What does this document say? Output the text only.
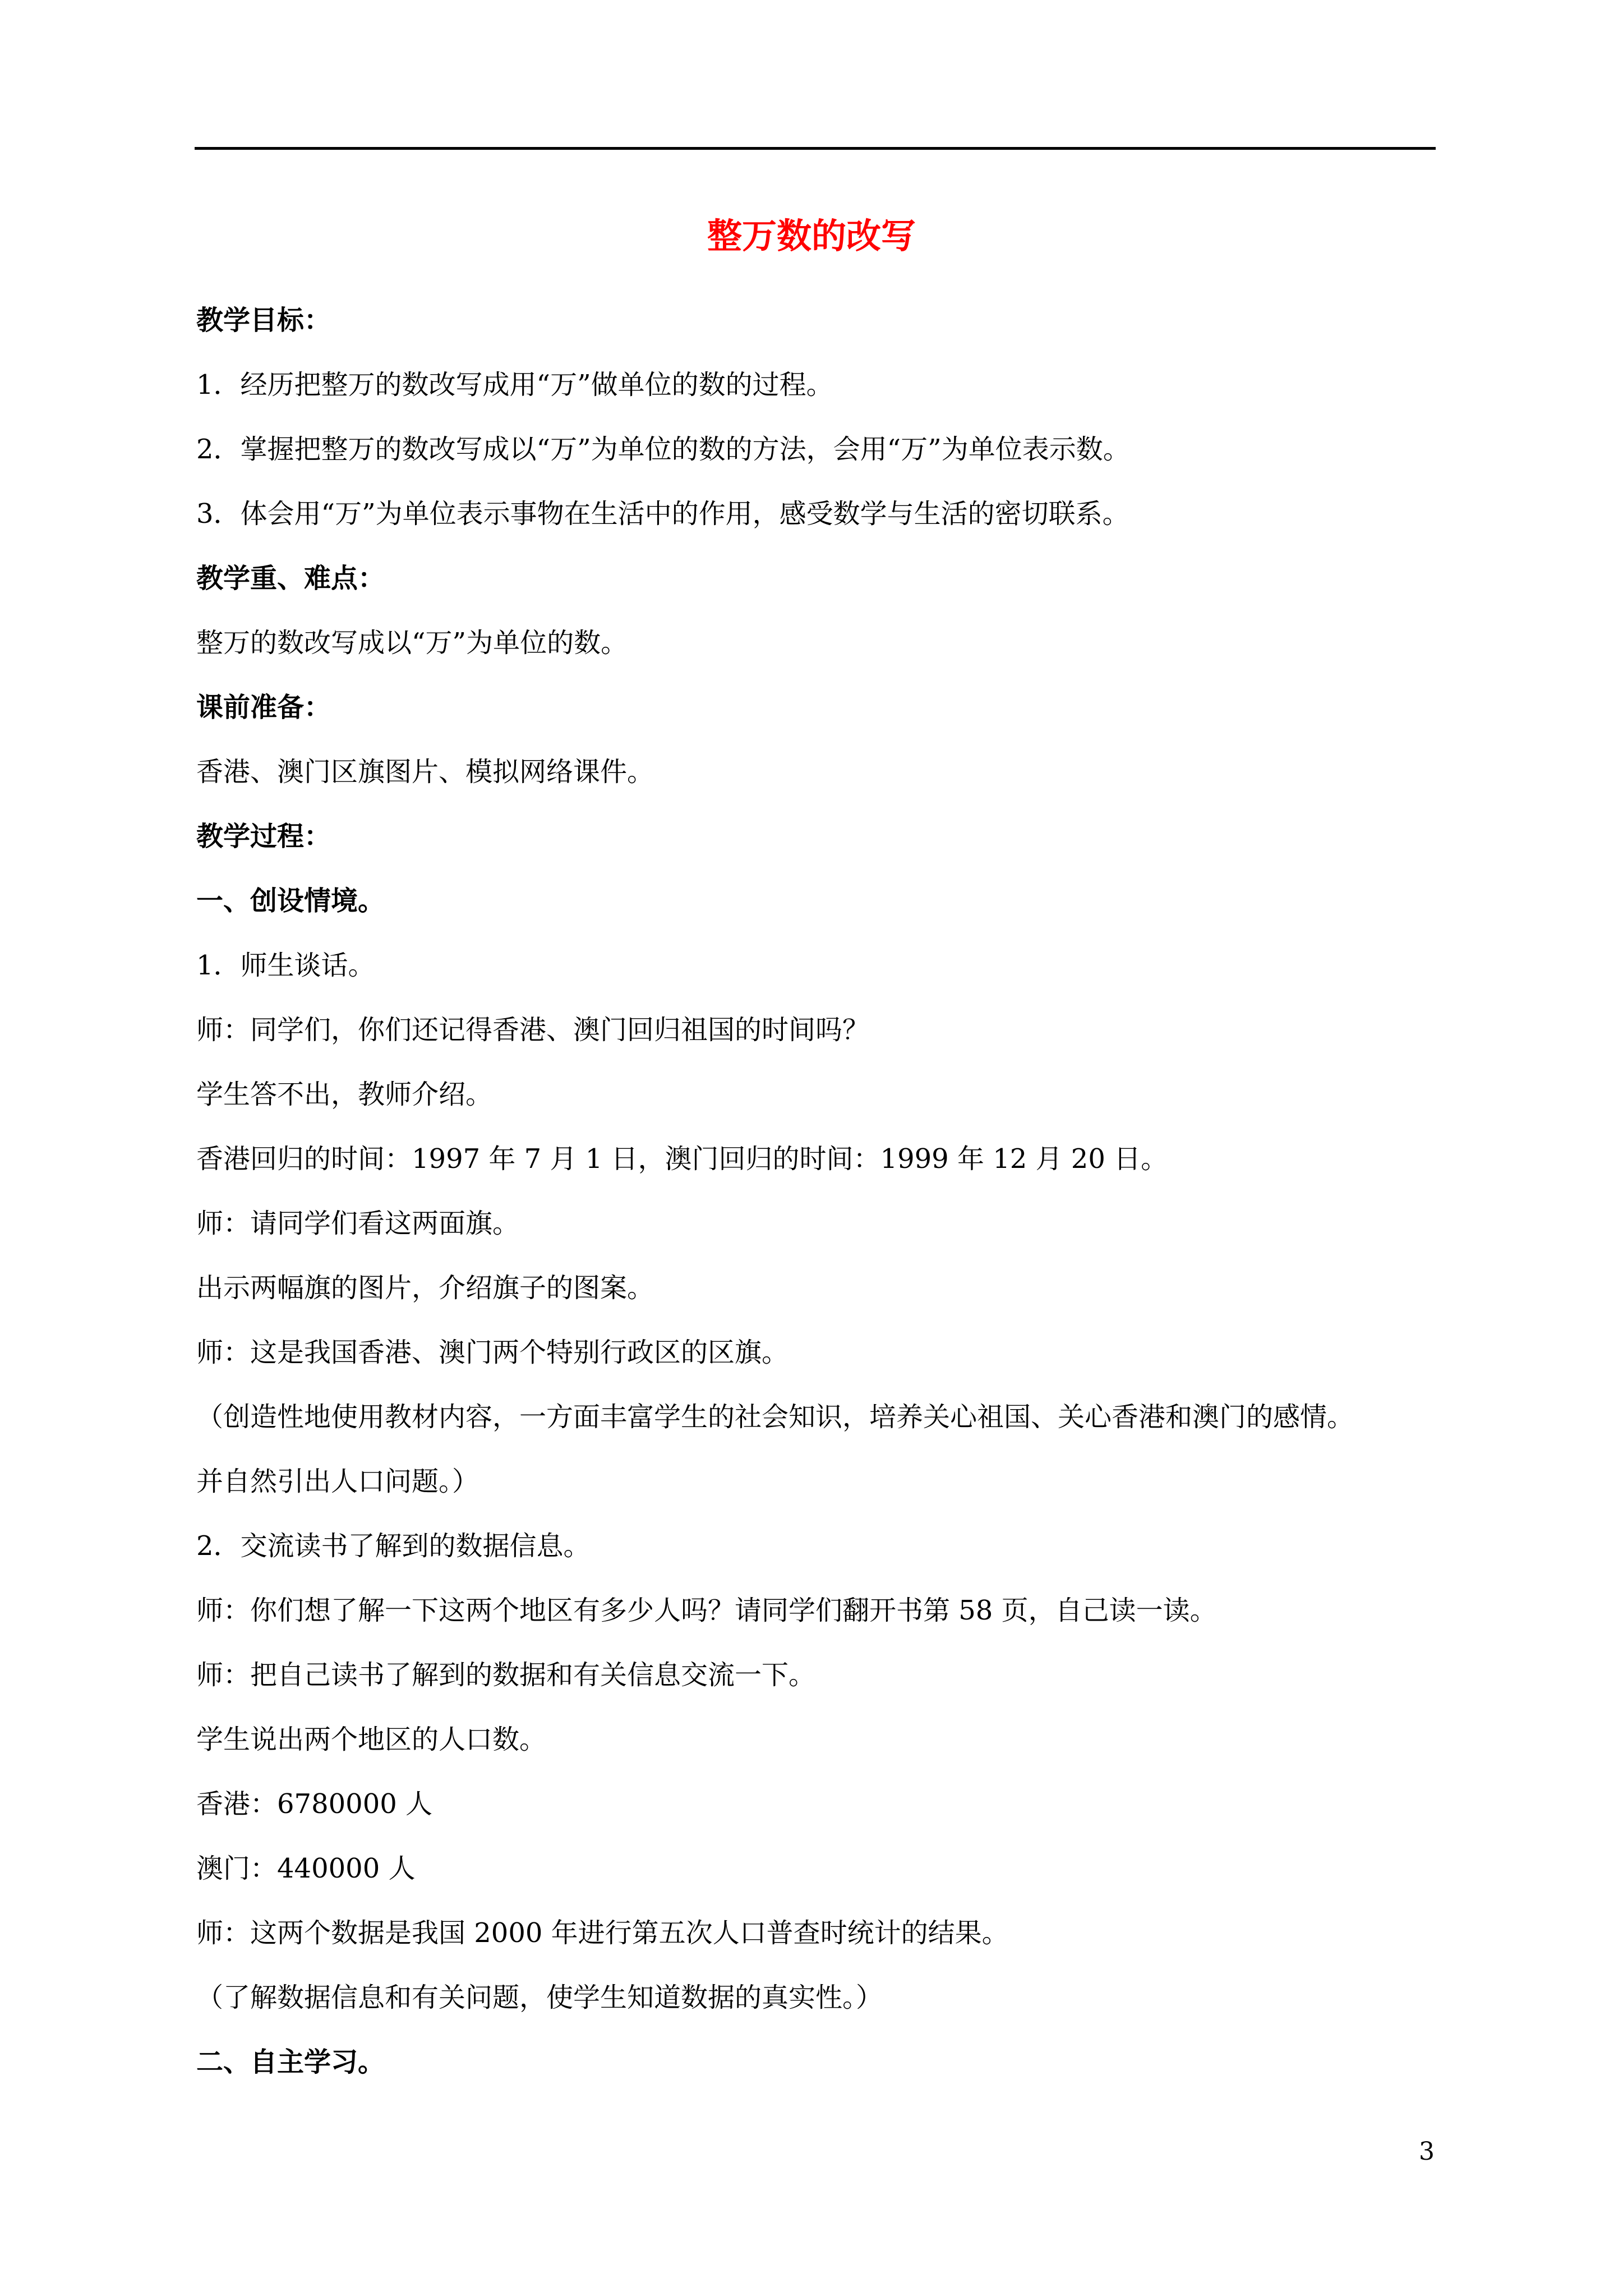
整万数的改写
教学目标：
1．经历把整万的数改写成用“万”做单位的数的过程。
2．掌握把整万的数改写成以“万”为单位的数的方法，会用“万”为单位表示数。
3．体会用“万”为单位表示事物在生活中的作用，感受数学与生活的密切联系。
教学重、难点：
整万的数改写成以“万”为单位的数。
课前准备：
香港、澳门区旗图片、模拟网络课件。
教学过程：
一、创设情境。
1．师生谈话。
师：同学们，你们还记得香港、澳门回归祖国的时间吗？
学生答不出，教师介绍。
香港回归的时间：1997 年 7 月 1 日，澳门回归的时间：1999 年 12 月 20 日。
师：请同学们看这两面旗。
出示两幅旗的图片，介绍旗子的图案。
师：这是我国香港、澳门两个特别行政区的区旗。
（创造性地使用教材内容，一方面丰富学生的社会知识，培养关心祖国、关心香港和澳门的感情。
并自然引出人口问题。）
2．交流读书了解到的数据信息。
师：你们想了解一下这两个地区有多少人吗？请同学们翻开书第 58 页，自己读一读。
师：把自己读书了解到的数据和有关信息交流一下。
学生说出两个地区的人口数。
香港：6780000 人
澳门：440000 人
师：这两个数据是我国 2000 年进行第五次人口普查时统计的结果。
（了解数据信息和有关问题，使学生知道数据的真实性。）
二、自主学习。
3
